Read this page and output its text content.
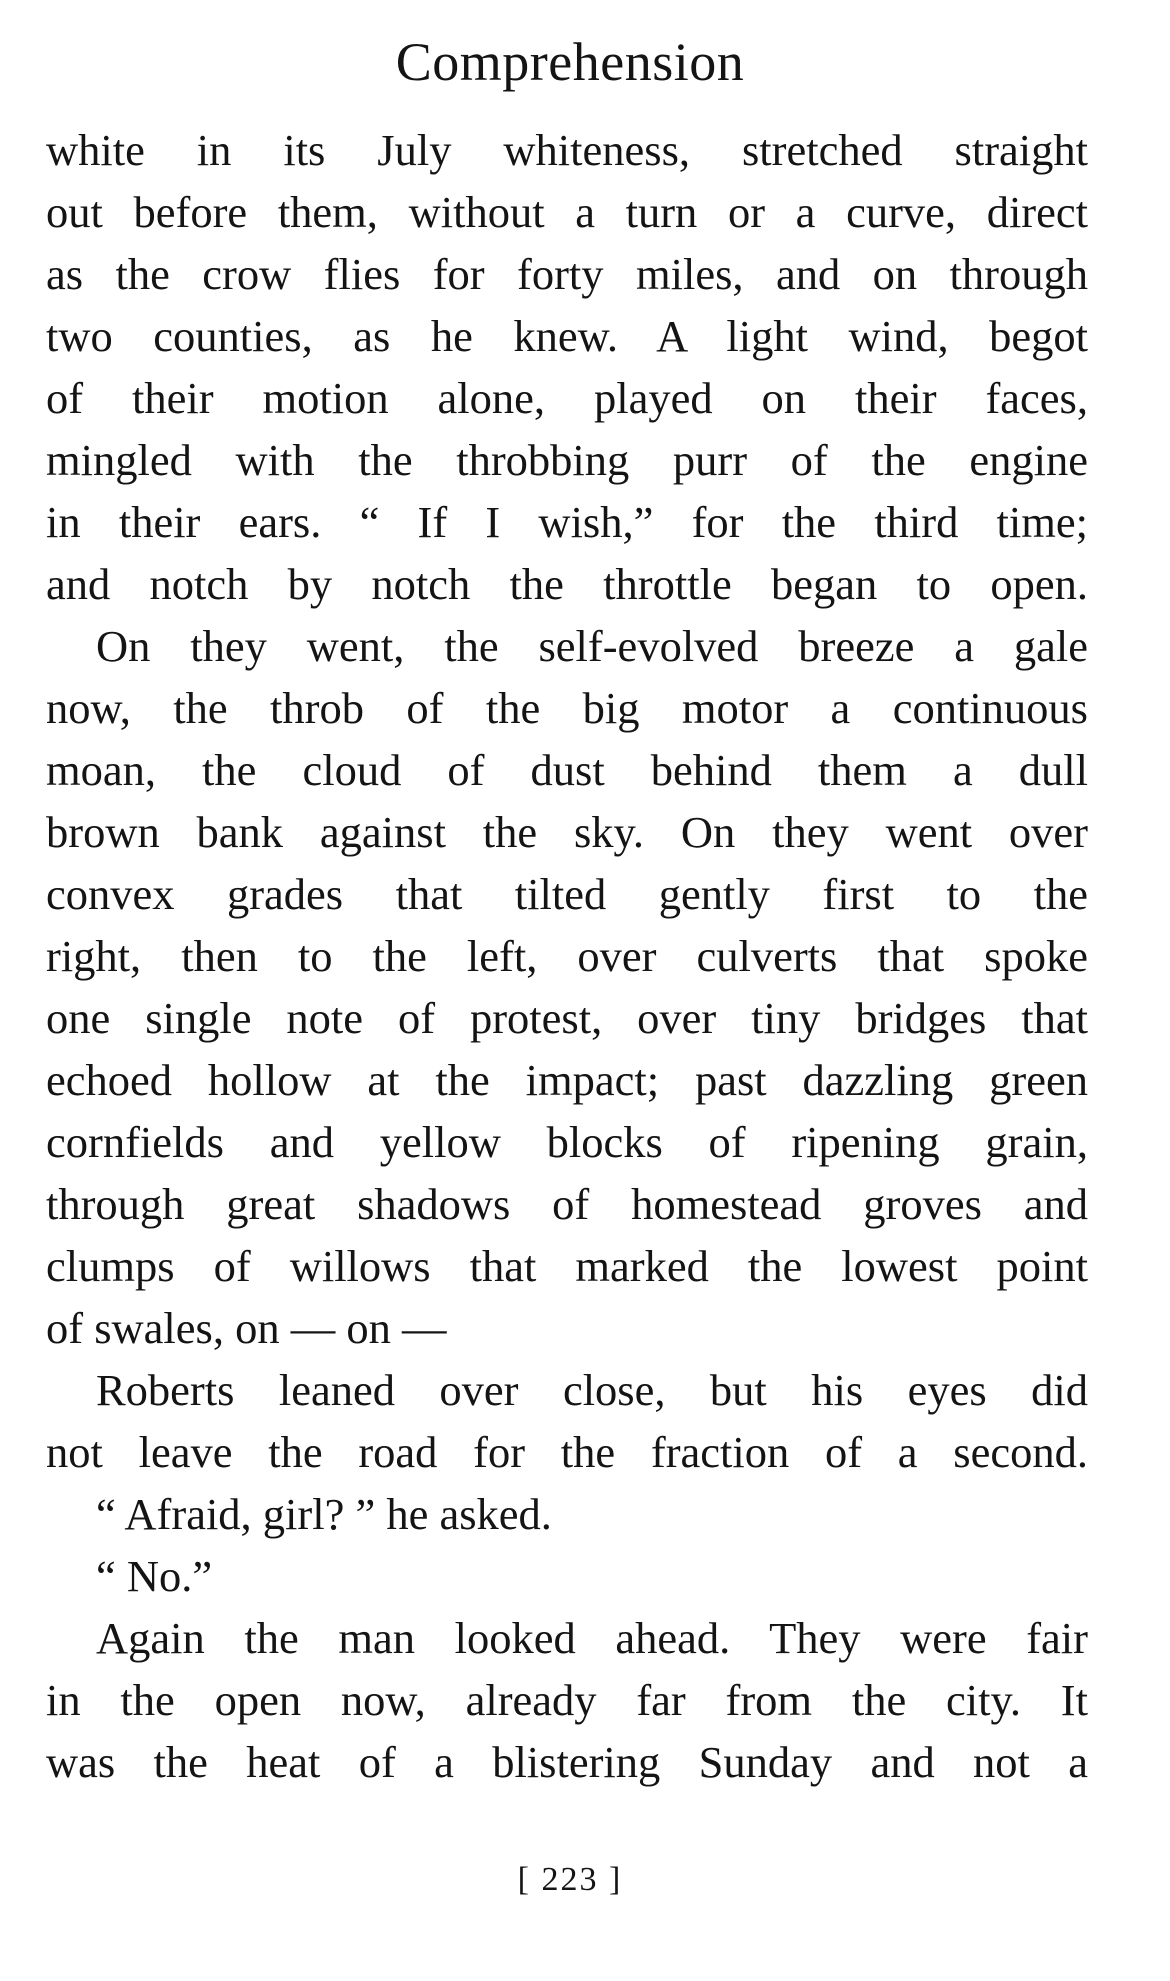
Comprehension
white in its July whiteness, stretched straight
out before them, without a turn or a curve, direct
as the crow flies for forty miles, and on through
two counties, as he knew. A light wind, begot
of their motion alone, played on their faces,
mingled with the throbbing purr of the engine
in their ears. “ If I wish,” for the third time;
and notch by notch the throttle began to open.
On they went, the self-evolved breeze a gale
now, the throb of the big motor a continuous
moan, the cloud of dust behind them a dull
brown bank against the sky. On they went over
convex grades that tilted gently first to the
right, then to the left, over culverts that spoke
one single note of protest, over tiny bridges that
echoed hollow at the impact; past dazzling green
cornfields and yellow blocks of ripening grain,
through great shadows of homestead groves and
clumps of willows that marked the lowest point
of swales, on — on —
Roberts leaned over close, but his eyes did
not leave the road for the fraction of a second.
“ Afraid, girl? ” he asked.
“ No.”
Again the man looked ahead. They were fair
in the open now, already far from the city. It
was the heat of a blistering Sunday and not a
[ 223 ]
